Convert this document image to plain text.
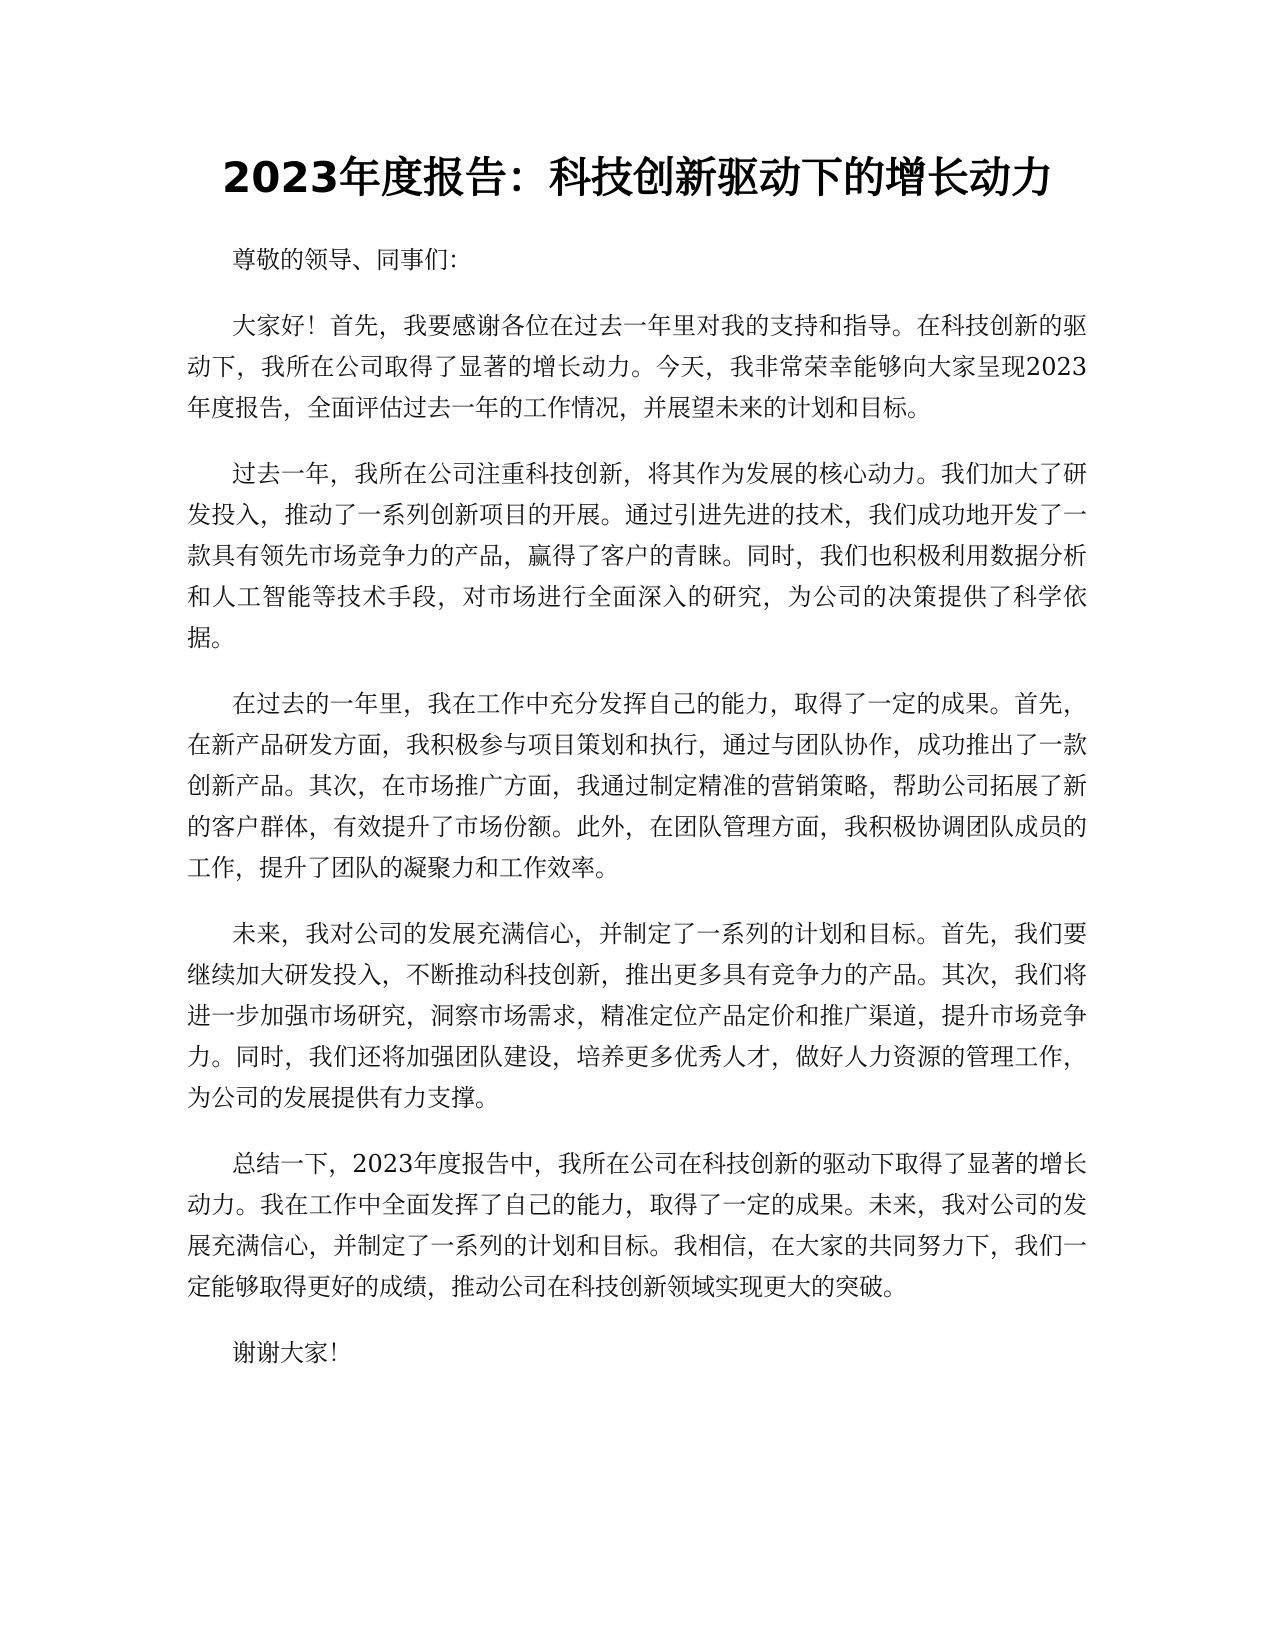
2023年度报告：科技创新驱动下的增长动力

尊敬的领导、同事们：

大家好！首先，我要感谢各位在过去一年里对我的支持和指导。在科技创新的驱动下，我所在公司取得了显著的增长动力。今天，我非常荣幸能够向大家呈现2023年度报告，全面评估过去一年的工作情况，并展望未来的计划和目标。

过去一年，我所在公司注重科技创新，将其作为发展的核心动力。我们加大了研发投入，推动了一系列创新项目的开展。通过引进先进的技术，我们成功地开发了一款具有领先市场竞争力的产品，赢得了客户的青睐。同时，我们也积极利用数据分析和人工智能等技术手段，对市场进行全面深入的研究，为公司的决策提供了科学依据。

在过去的一年里，我在工作中充分发挥自己的能力，取得了一定的成果。首先，在新产品研发方面，我积极参与项目策划和执行，通过与团队协作，成功推出了一款创新产品。其次，在市场推广方面，我通过制定精准的营销策略，帮助公司拓展了新的客户群体，有效提升了市场份额。此外，在团队管理方面，我积极协调团队成员的工作，提升了团队的凝聚力和工作效率。

未来，我对公司的发展充满信心，并制定了一系列的计划和目标。首先，我们要继续加大研发投入，不断推动科技创新，推出更多具有竞争力的产品。其次，我们将进一步加强市场研究，洞察市场需求，精准定位产品定价和推广渠道，提升市场竞争力。同时，我们还将加强团队建设，培养更多优秀人才，做好人力资源的管理工作，为公司的发展提供有力支撑。

总结一下，2023年度报告中，我所在公司在科技创新的驱动下取得了显著的增长动力。我在工作中全面发挥了自己的能力，取得了一定的成果。未来，我对公司的发展充满信心，并制定了一系列的计划和目标。我相信，在大家的共同努力下，我们一定能够取得更好的成绩，推动公司在科技创新领域实现更大的突破。

谢谢大家！
